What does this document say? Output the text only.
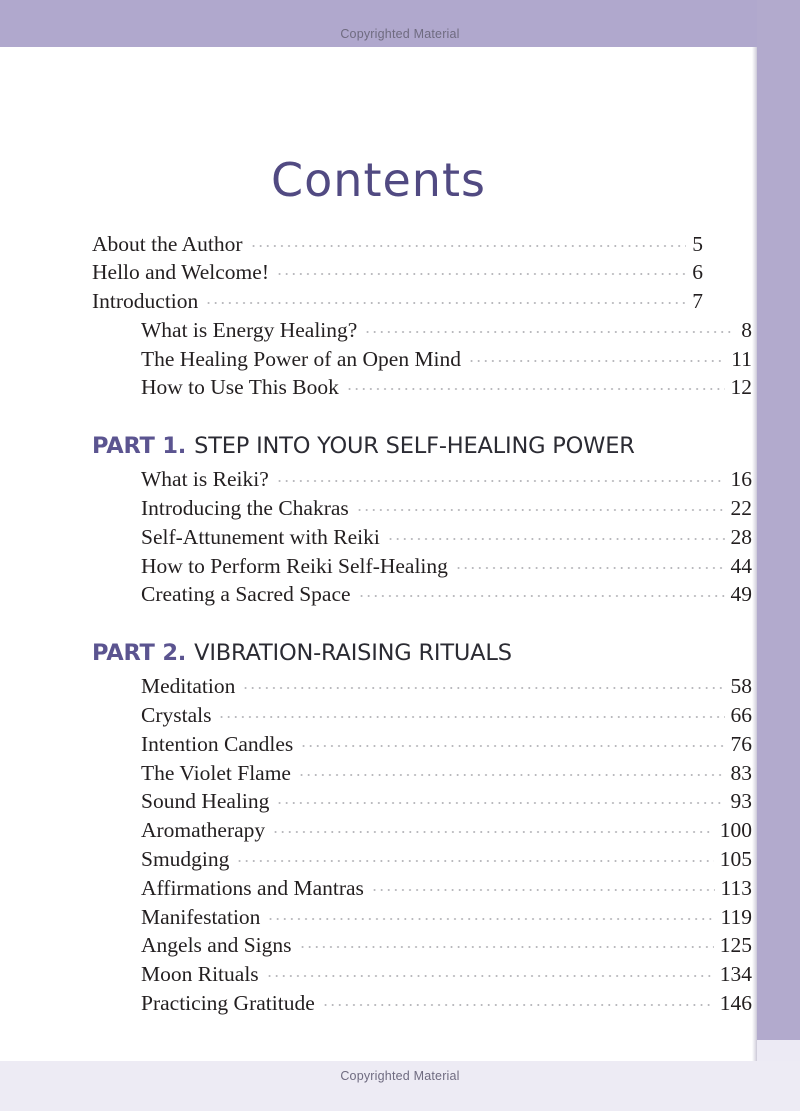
Copyrighted Material
Copyrighted Material
Contents
About the Author	5
Hello and Welcome!	6
Introduction	7
What is Energy Healing?	8
The Healing Power of an Open Mind	11
How to Use This Book	12
PART 1. STEP INTO YOUR SELF-HEALING POWER
What is Reiki?	16
Introducing the Chakras	22
Self-Attunement with Reiki	28
How to Perform Reiki Self-Healing	44
Creating a Sacred Space	49
PART 2. VIBRATION-RAISING RITUALS
Meditation	58
Crystals	66
Intention Candles	76
The Violet Flame	83
Sound Healing	93
Aromatherapy	100
Smudging	105
Affirmations and Mantras	113
Manifestation	119
Angels and Signs	125
Moon Rituals	134
Practicing Gratitude	146
